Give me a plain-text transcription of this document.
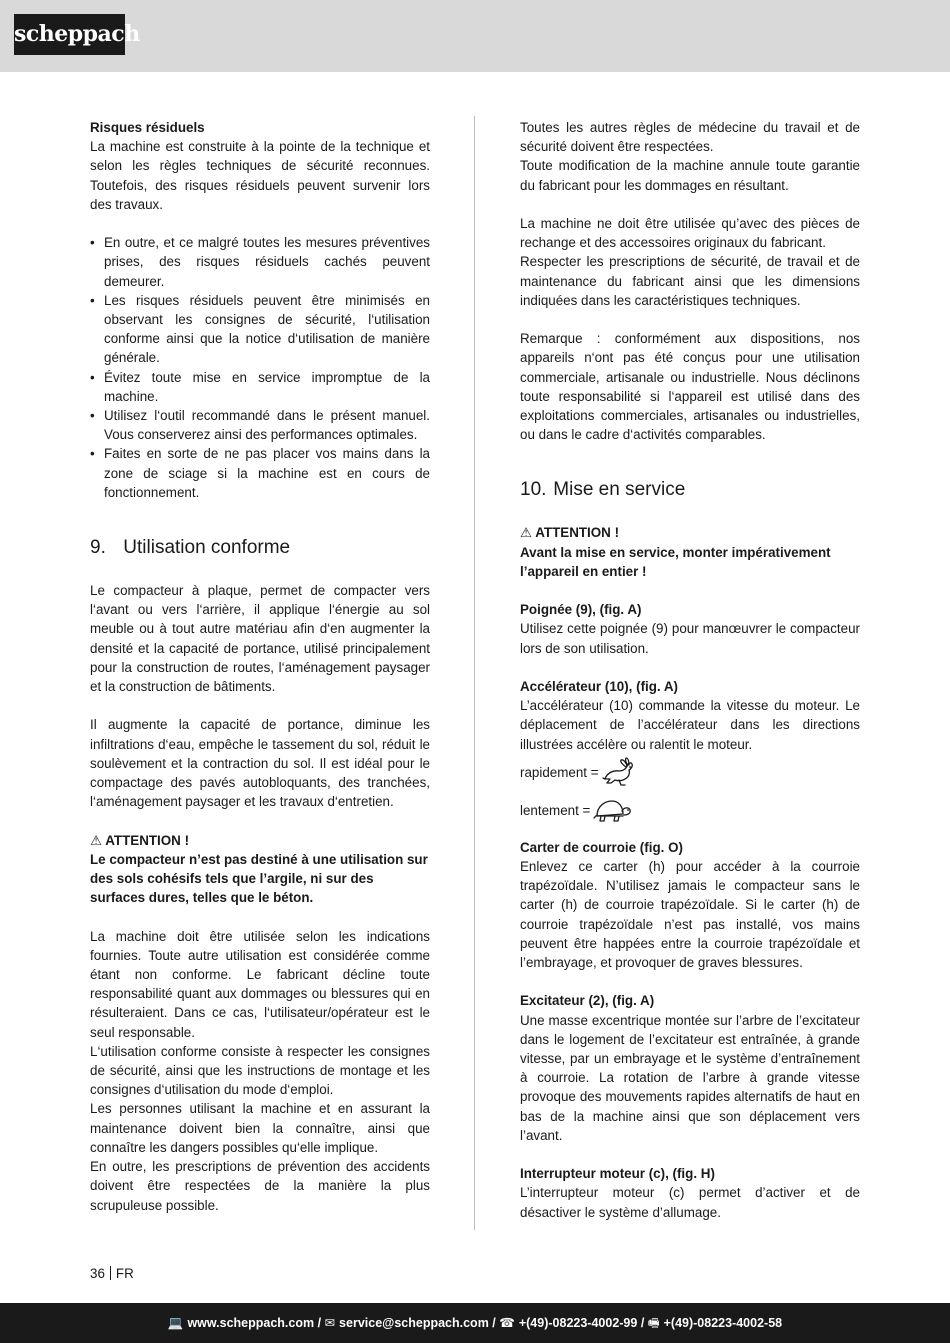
scheppach

Risques résiduels

La machine est construite à la pointe de la technique et selon les règles techniques de sécurité reconnues. Toutefois, des risques résiduels peuvent survenir lors des travaux.

• En outre, et ce malgré toutes les mesures préventives prises, des risques résiduels cachés peuvent demeurer.
• Les risques résiduels peuvent être minimisés en observant les consignes de sécurité, l‘utilisation conforme ainsi que la notice d‘utilisation de manière générale.
• Évitez toute mise en service impromptue de la machine.
• Utilisez l‘outil recommandé dans le présent manuel. Vous conserverez ainsi des performances optimales.
• Faites en sorte de ne pas placer vos mains dans la zone de sciage si la machine est en cours de fonctionnement.
9. Utilisation conforme

Le compacteur à plaque, permet de compacter vers l‘avant ou vers l‘arrière, il applique l‘énergie au sol meuble ou à tout autre matériau afin d‘en augmenter la densité et la capacité de portance, utilisé principalement pour la construction de routes, l‘aménagement paysager et la construction de bâtiments.

Il augmente la capacité de portance, diminue les infiltrations d‘eau, empêche le tassement du sol, réduit le soulèvement et la contraction du sol. Il est idéal pour le compactage des pavés autobloquants, des tranchées, l‘aménagement paysager et les travaux d‘entretien.

⚠ ATTENTION !

Le compacteur n’est pas destiné à une utilisation sur des sols cohésifs tels que l’argile, ni sur des surfaces dures, telles que le béton.

La machine doit être utilisée selon les indications fournies. Toute autre utilisation est considérée comme étant non conforme. Le fabricant décline toute responsabilité quant aux dommages ou blessures qui en résulteraient. Dans ce cas, l‘utilisateur/opérateur est le seul responsable.

L‘utilisation conforme consiste à respecter les consignes de sécurité, ainsi que les instructions de montage et les consignes d‘utilisation du mode d‘emploi.

Les personnes utilisant la machine et en assurant la maintenance doivent bien la connaître, ainsi que connaître les dangers possibles qu‘elle implique.

En outre, les prescriptions de prévention des accidents doivent être respectées de la manière la plus scrupuleuse possible.

Toutes les autres règles de médecine du travail et de sécurité doivent être respectées.

Toute modification de la machine annule toute garantie du fabricant pour les dommages en résultant.

La machine ne doit être utilisée qu’avec des pièces de rechange et des accessoires originaux du fabricant.

Respecter les prescriptions de sécurité, de travail et de maintenance du fabricant ainsi que les dimensions indiquées dans les caractéristiques techniques.

Remarque : conformément aux dispositions, nos appareils n‘ont pas été conçus pour une utilisation commerciale, artisanale ou industrielle. Nous déclinons toute responsabilité si l‘appareil est utilisé dans des exploitations commerciales, artisanales ou industrielles, ou dans le cadre d‘activités comparables.

10. Mise en service

⚠ ATTENTION !

Avant la mise en service, monter impérativement l’appareil en entier !

Poignée (9), (fig. A)

Utilisez cette poignée (9) pour manœuvrer le compacteur lors de son utilisation.

Accélérateur (10), (fig. A)

L’accélérateur (10) commande la vitesse du moteur. Le déplacement de l’accélérateur dans les directions illustrées accélère ou ralentit le moteur.

rapidement =
lentement =

Carter de courroie (fig. O)

Enlevez ce carter (h) pour accéder à la courroie trapézoïdale. N’utilisez jamais le compacteur sans le carter (h) de courroie trapézoïdale. Si le carter (h) de courroie trapézoïdale n’est pas installé, vos mains peuvent être happées entre la courroie trapézoïdale et l’embrayage, et provoquer de graves blessures.

Excitateur (2), (fig. A)

Une masse excentrique montée sur l’arbre de l’excitateur dans le logement de l’excitateur est entraînée, à grande vitesse, par un embrayage et le système d’entraînement à courroie. La rotation de l’arbre à grande vitesse provoque des mouvements rapides alternatifs de haut en bas de la machine ainsi que son déplacement vers l’avant.

Interrupteur moteur (c), (fig. H)

L’interrupteur moteur (c) permet d’activer et de désactiver le système d’allumage.

36 FR
💻 www.scheppach.com / ✉ service@scheppach.com / ☎ +(49)-08223-4002-99 / 🖷 +(49)-08223-4002-58
